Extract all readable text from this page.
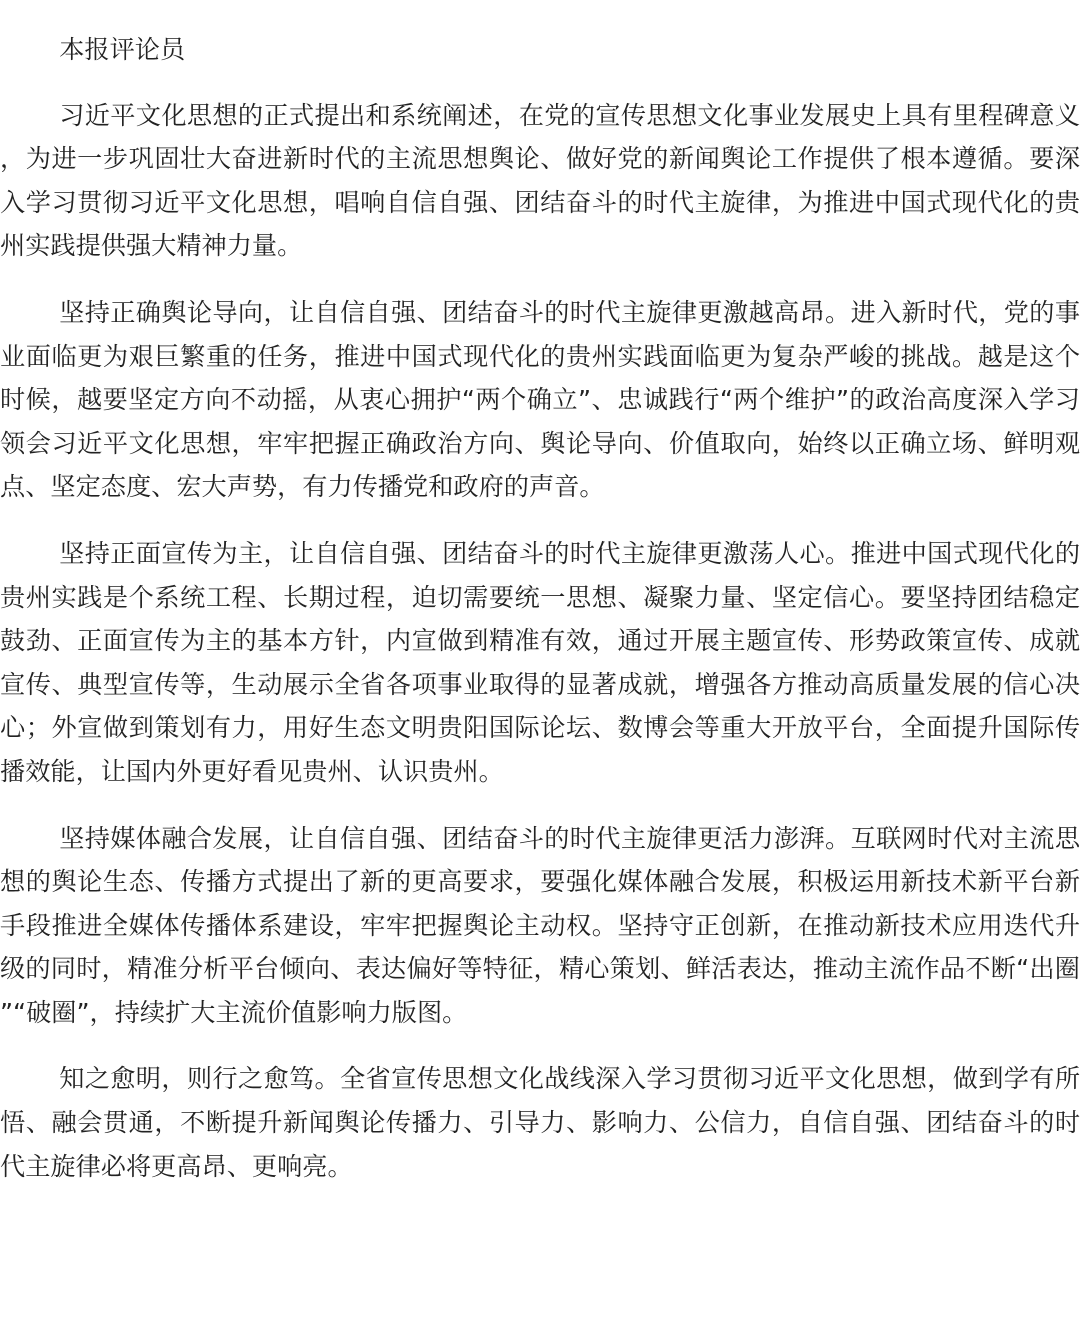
本报评论员

习近平文化思想的正式提出和系统阐述，在党的宣传思想文化事业发展史上具有里程碑意义，为进一步巩固壮大奋进新时代的主流思想舆论、做好党的新闻舆论工作提供了根本遵循。要深入学习贯彻习近平文化思想，唱响自信自强、团结奋斗的时代主旋律，为推进中国式现代化的贵州实践提供强大精神力量。

坚持正确舆论导向，让自信自强、团结奋斗的时代主旋律更激越高昂。进入新时代，党的事业面临更为艰巨繁重的任务，推进中国式现代化的贵州实践面临更为复杂严峻的挑战。越是这个时候，越要坚定方向不动摇，从衷心拥护“两个确立”、忠诚践行“两个维护”的政治高度深入学习领会习近平文化思想，牢牢把握正确政治方向、舆论导向、价值取向，始终以正确立场、鲜明观点、坚定态度、宏大声势，有力传播党和政府的声音。

坚持正面宣传为主，让自信自强、团结奋斗的时代主旋律更激荡人心。推进中国式现代化的贵州实践是个系统工程、长期过程，迫切需要统一思想、凝聚力量、坚定信心。要坚持团结稳定鼓劲、正面宣传为主的基本方针，内宣做到精准有效，通过开展主题宣传、形势政策宣传、成就宣传、典型宣传等，生动展示全省各项事业取得的显著成就，增强各方推动高质量发展的信心决心；外宣做到策划有力，用好生态文明贵阳国际论坛、数博会等重大开放平台，全面提升国际传播效能，让国内外更好看见贵州、认识贵州。

坚持媒体融合发展，让自信自强、团结奋斗的时代主旋律更活力澎湃。互联网时代对主流思想的舆论生态、传播方式提出了新的更高要求，要强化媒体融合发展，积极运用新技术新平台新手段推进全媒体传播体系建设，牢牢把握舆论主动权。坚持守正创新，在推动新技术应用迭代升级的同时，精准分析平台倾向、表达偏好等特征，精心策划、鲜活表达，推动主流作品不断“出圈”“破圈”，持续扩大主流价值影响力版图。

知之愈明，则行之愈笃。全省宣传思想文化战线深入学习贯彻习近平文化思想，做到学有所悟、融会贯通，不断提升新闻舆论传播力、引导力、影响力、公信力，自信自强、团结奋斗的时代主旋律必将更高昂、更响亮。
